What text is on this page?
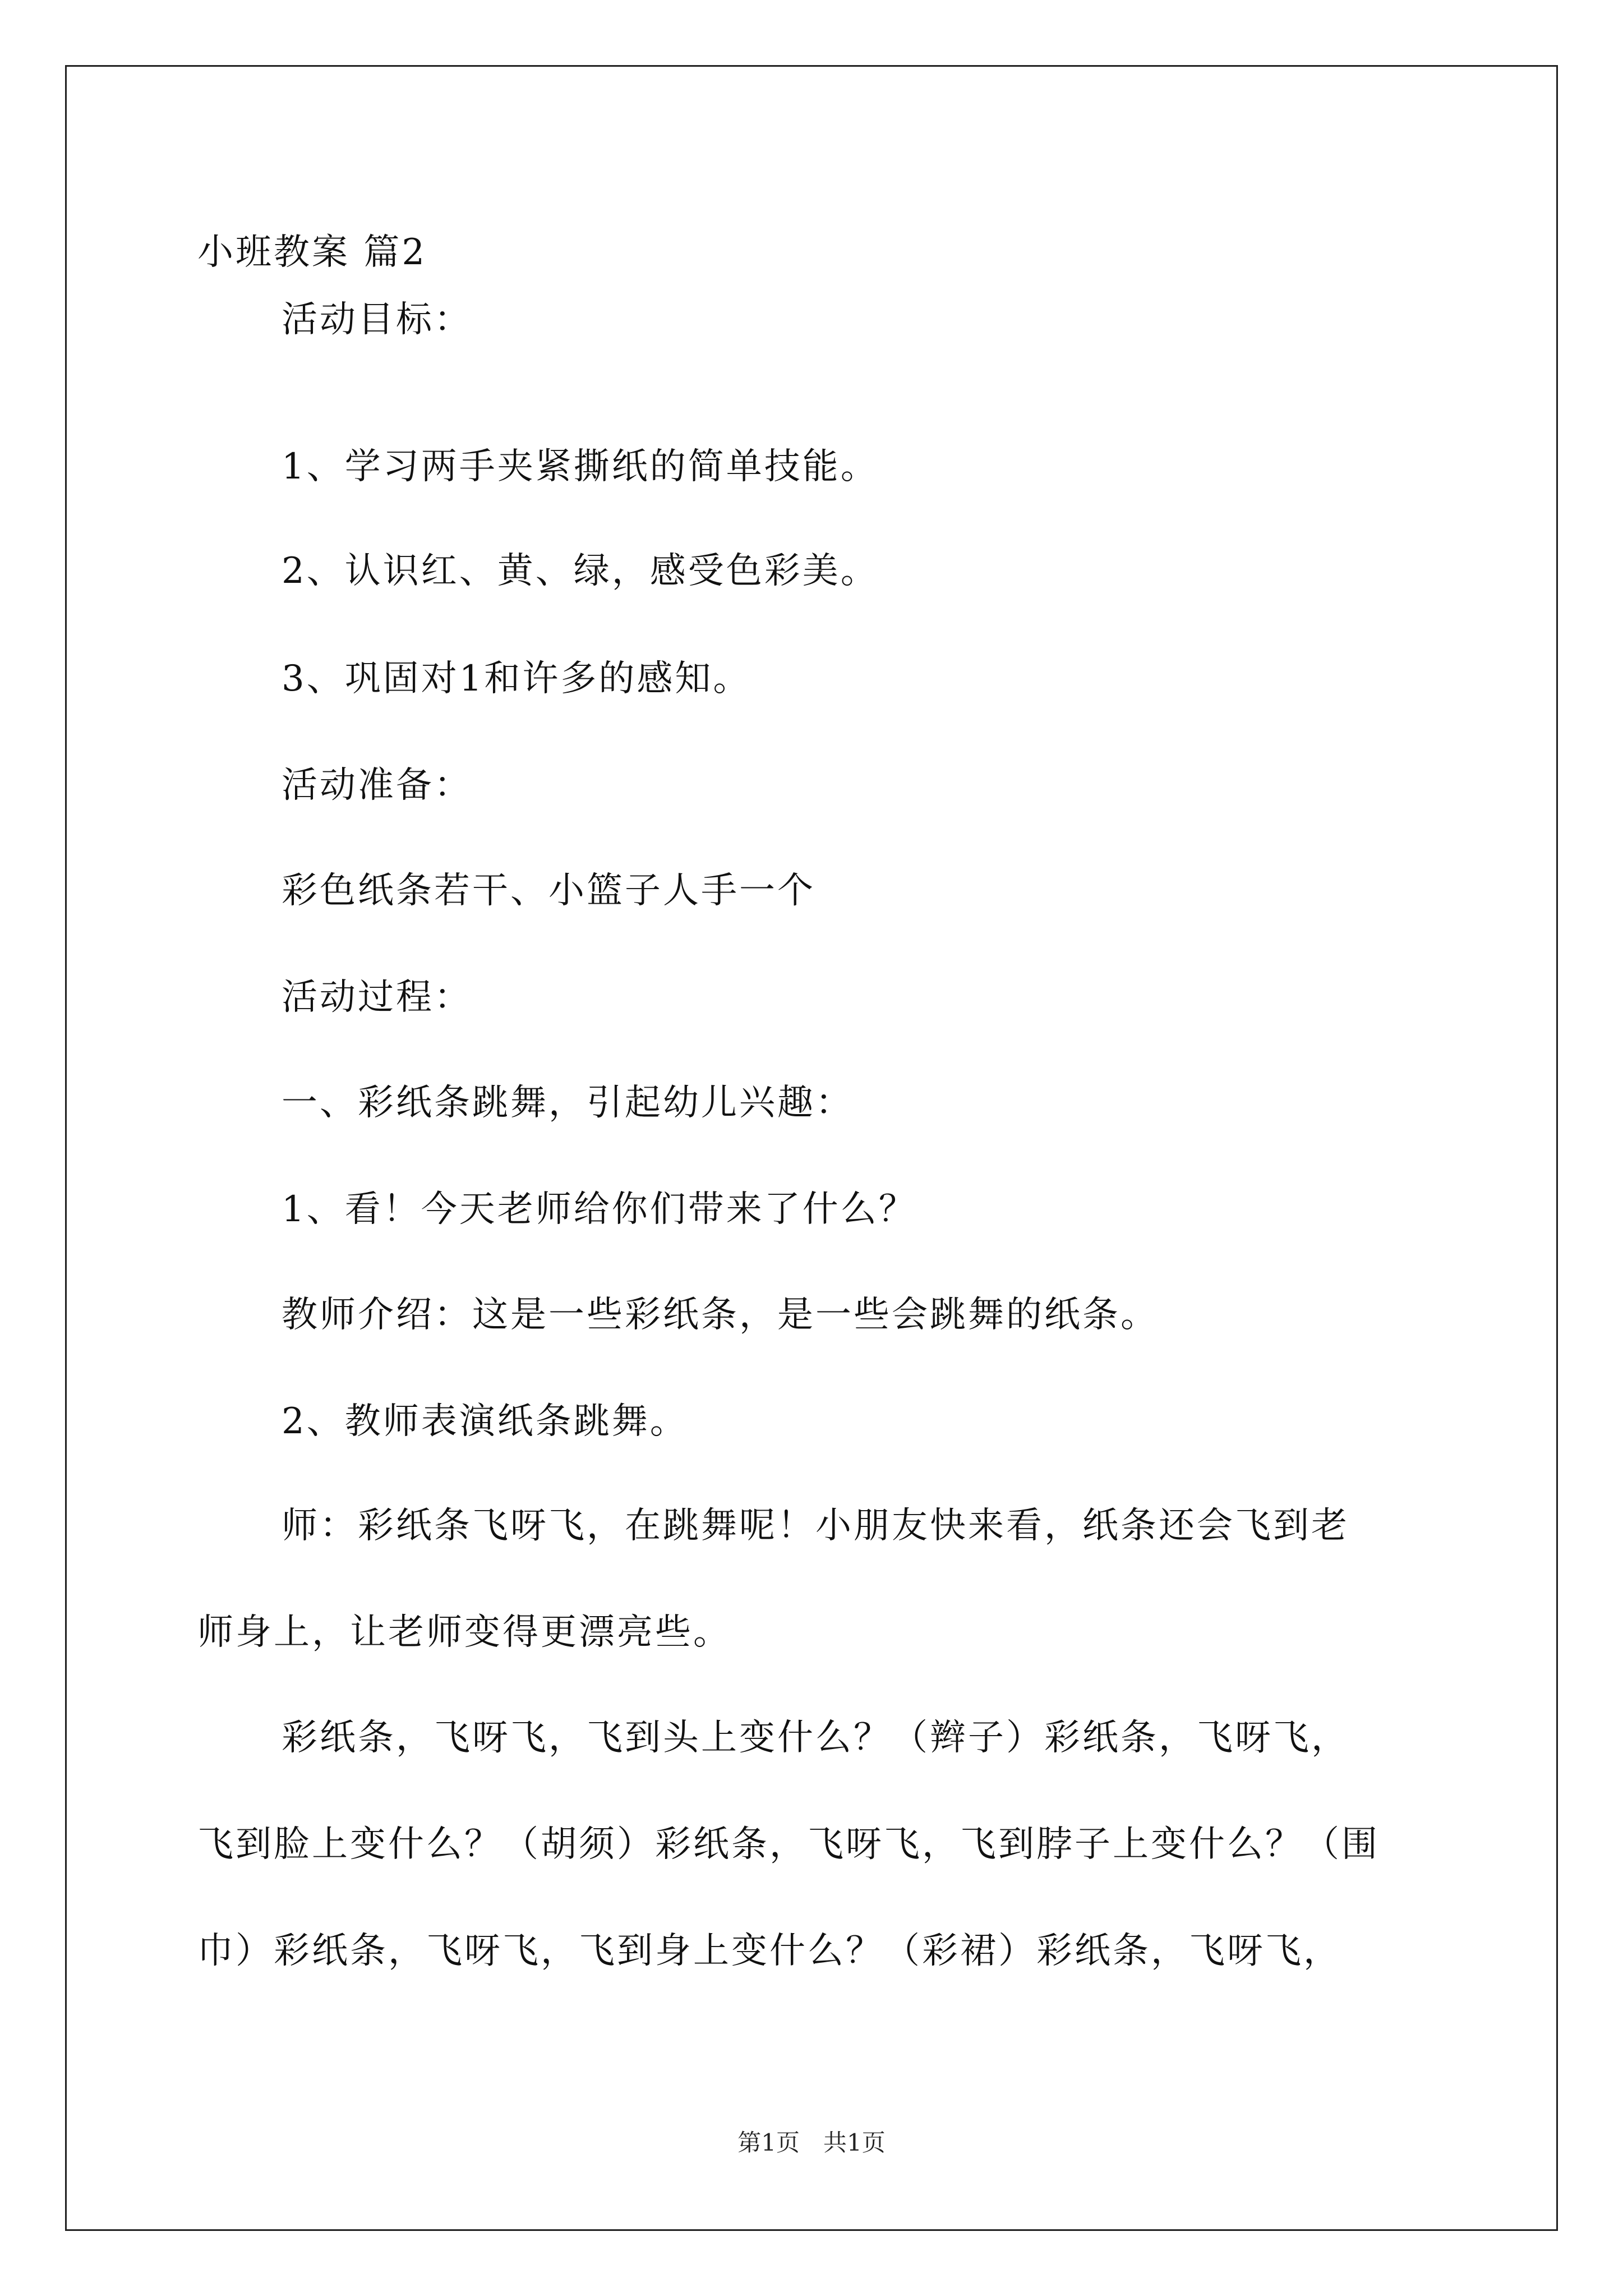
小班教案 篇2
活动目标：
1、学习两手夹紧撕纸的简单技能。
2、认识红、黄、绿，感受色彩美。
3、巩固对1和许多的感知。
活动准备：
彩色纸条若干、小篮子人手一个
活动过程：
一、彩纸条跳舞，引起幼儿兴趣：
1、看！今天老师给你们带来了什么？
教师介绍：这是一些彩纸条，是一些会跳舞的纸条。
2、教师表演纸条跳舞。
师：彩纸条飞呀飞，在跳舞呢！小朋友快来看，纸条还会飞到老
师身上，让老师变得更漂亮些。
彩纸条，飞呀飞，飞到头上变什么？（辫子）彩纸条，飞呀飞，
飞到脸上变什么？（胡须）彩纸条，飞呀飞，飞到脖子上变什么？（围
巾）彩纸条，飞呀飞，飞到身上变什么？（彩裙）彩纸条，飞呀飞，
第1页　共1页
